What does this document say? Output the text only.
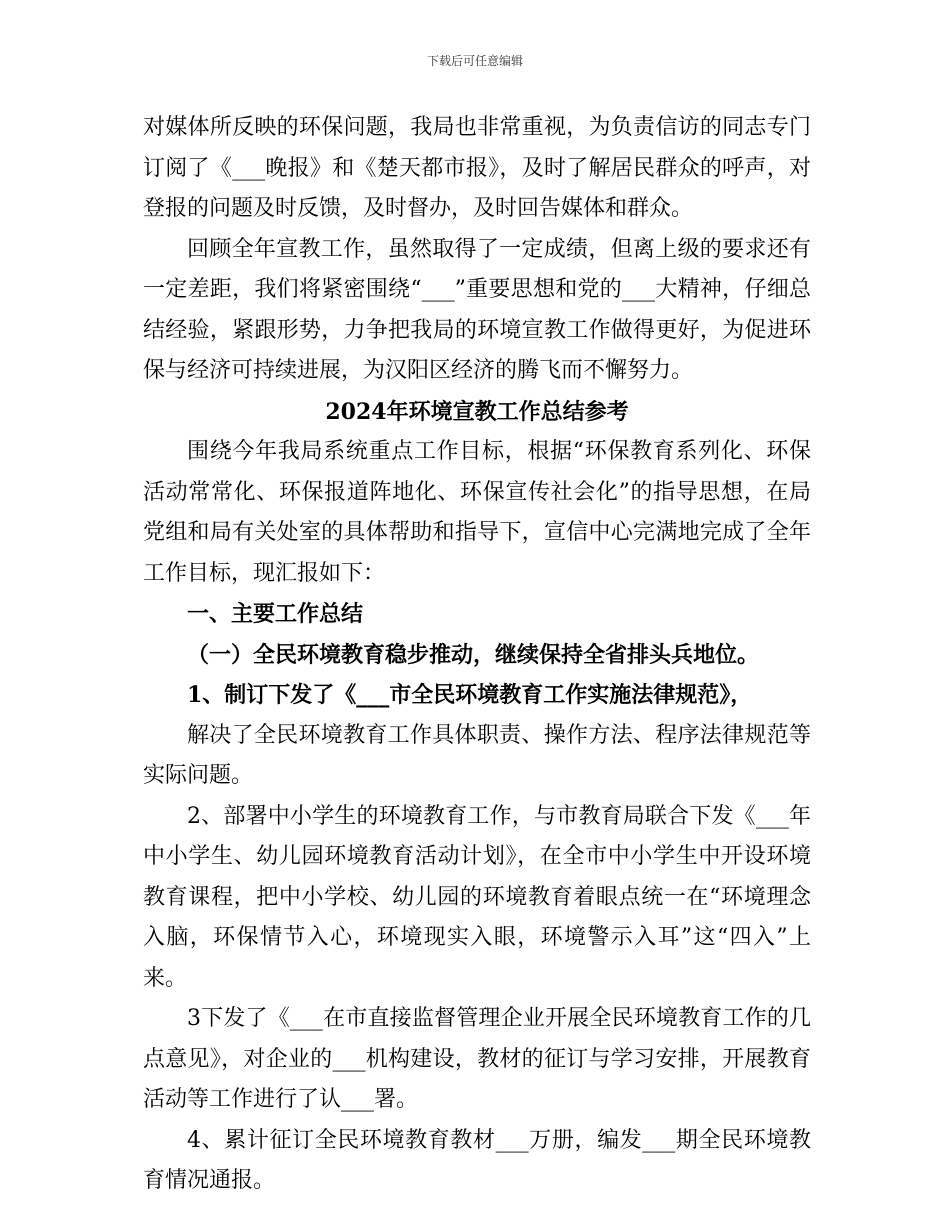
下载后可任意编辑

对媒体所反映的环保问题，我局也非常重视，为负责信访的同志专门订阅了《___晚报》和《楚天都市报》，及时了解居民群众的呼声，对登报的问题及时反馈，及时督办，及时回告媒体和群众。

回顾全年宣教工作，虽然取得了一定成绩，但离上级的要求还有一定差距，我们将紧密围绕“___”重要思想和党的___大精神，仔细总结经验，紧跟形势，力争把我局的环境宣教工作做得更好，为促进环保与经济可持续进展，为汉阳区经济的腾飞而不懈努力。

2024年环境宣教工作总结参考

围绕今年我局系统重点工作目标，根据“环保教育系列化、环保活动常常化、环保报道阵地化、环保宣传社会化”的指导思想，在局党组和局有关处室的具体帮助和指导下，宣信中心完满地完成了全年工作目标，现汇报如下：

一、主要工作总结

（一）全民环境教育稳步推动，继续保持全省排头兵地位。

1、制订下发了《___市全民环境教育工作实施法律规范》，

解决了全民环境教育工作具体职责、操作方法、程序法律规范等实际问题。

2、部署中小学生的环境教育工作，与市教育局联合下发《___年中小学生、幼儿园环境教育活动计划》，在全市中小学生中开设环境教育课程，把中小学校、幼儿园的环境教育着眼点统一在“环境理念入脑，环保情节入心，环境现实入眼，环境警示入耳”这“四入”上来。

3下发了《___在市直接监督管理企业开展全民环境教育工作的几点意见》，对企业的___机构建设，教材的征订与学习安排，开展教育活动等工作进行了认___署。

4、累计征订全民环境教育教材___万册，编发___期全民环境教育情况通报。
